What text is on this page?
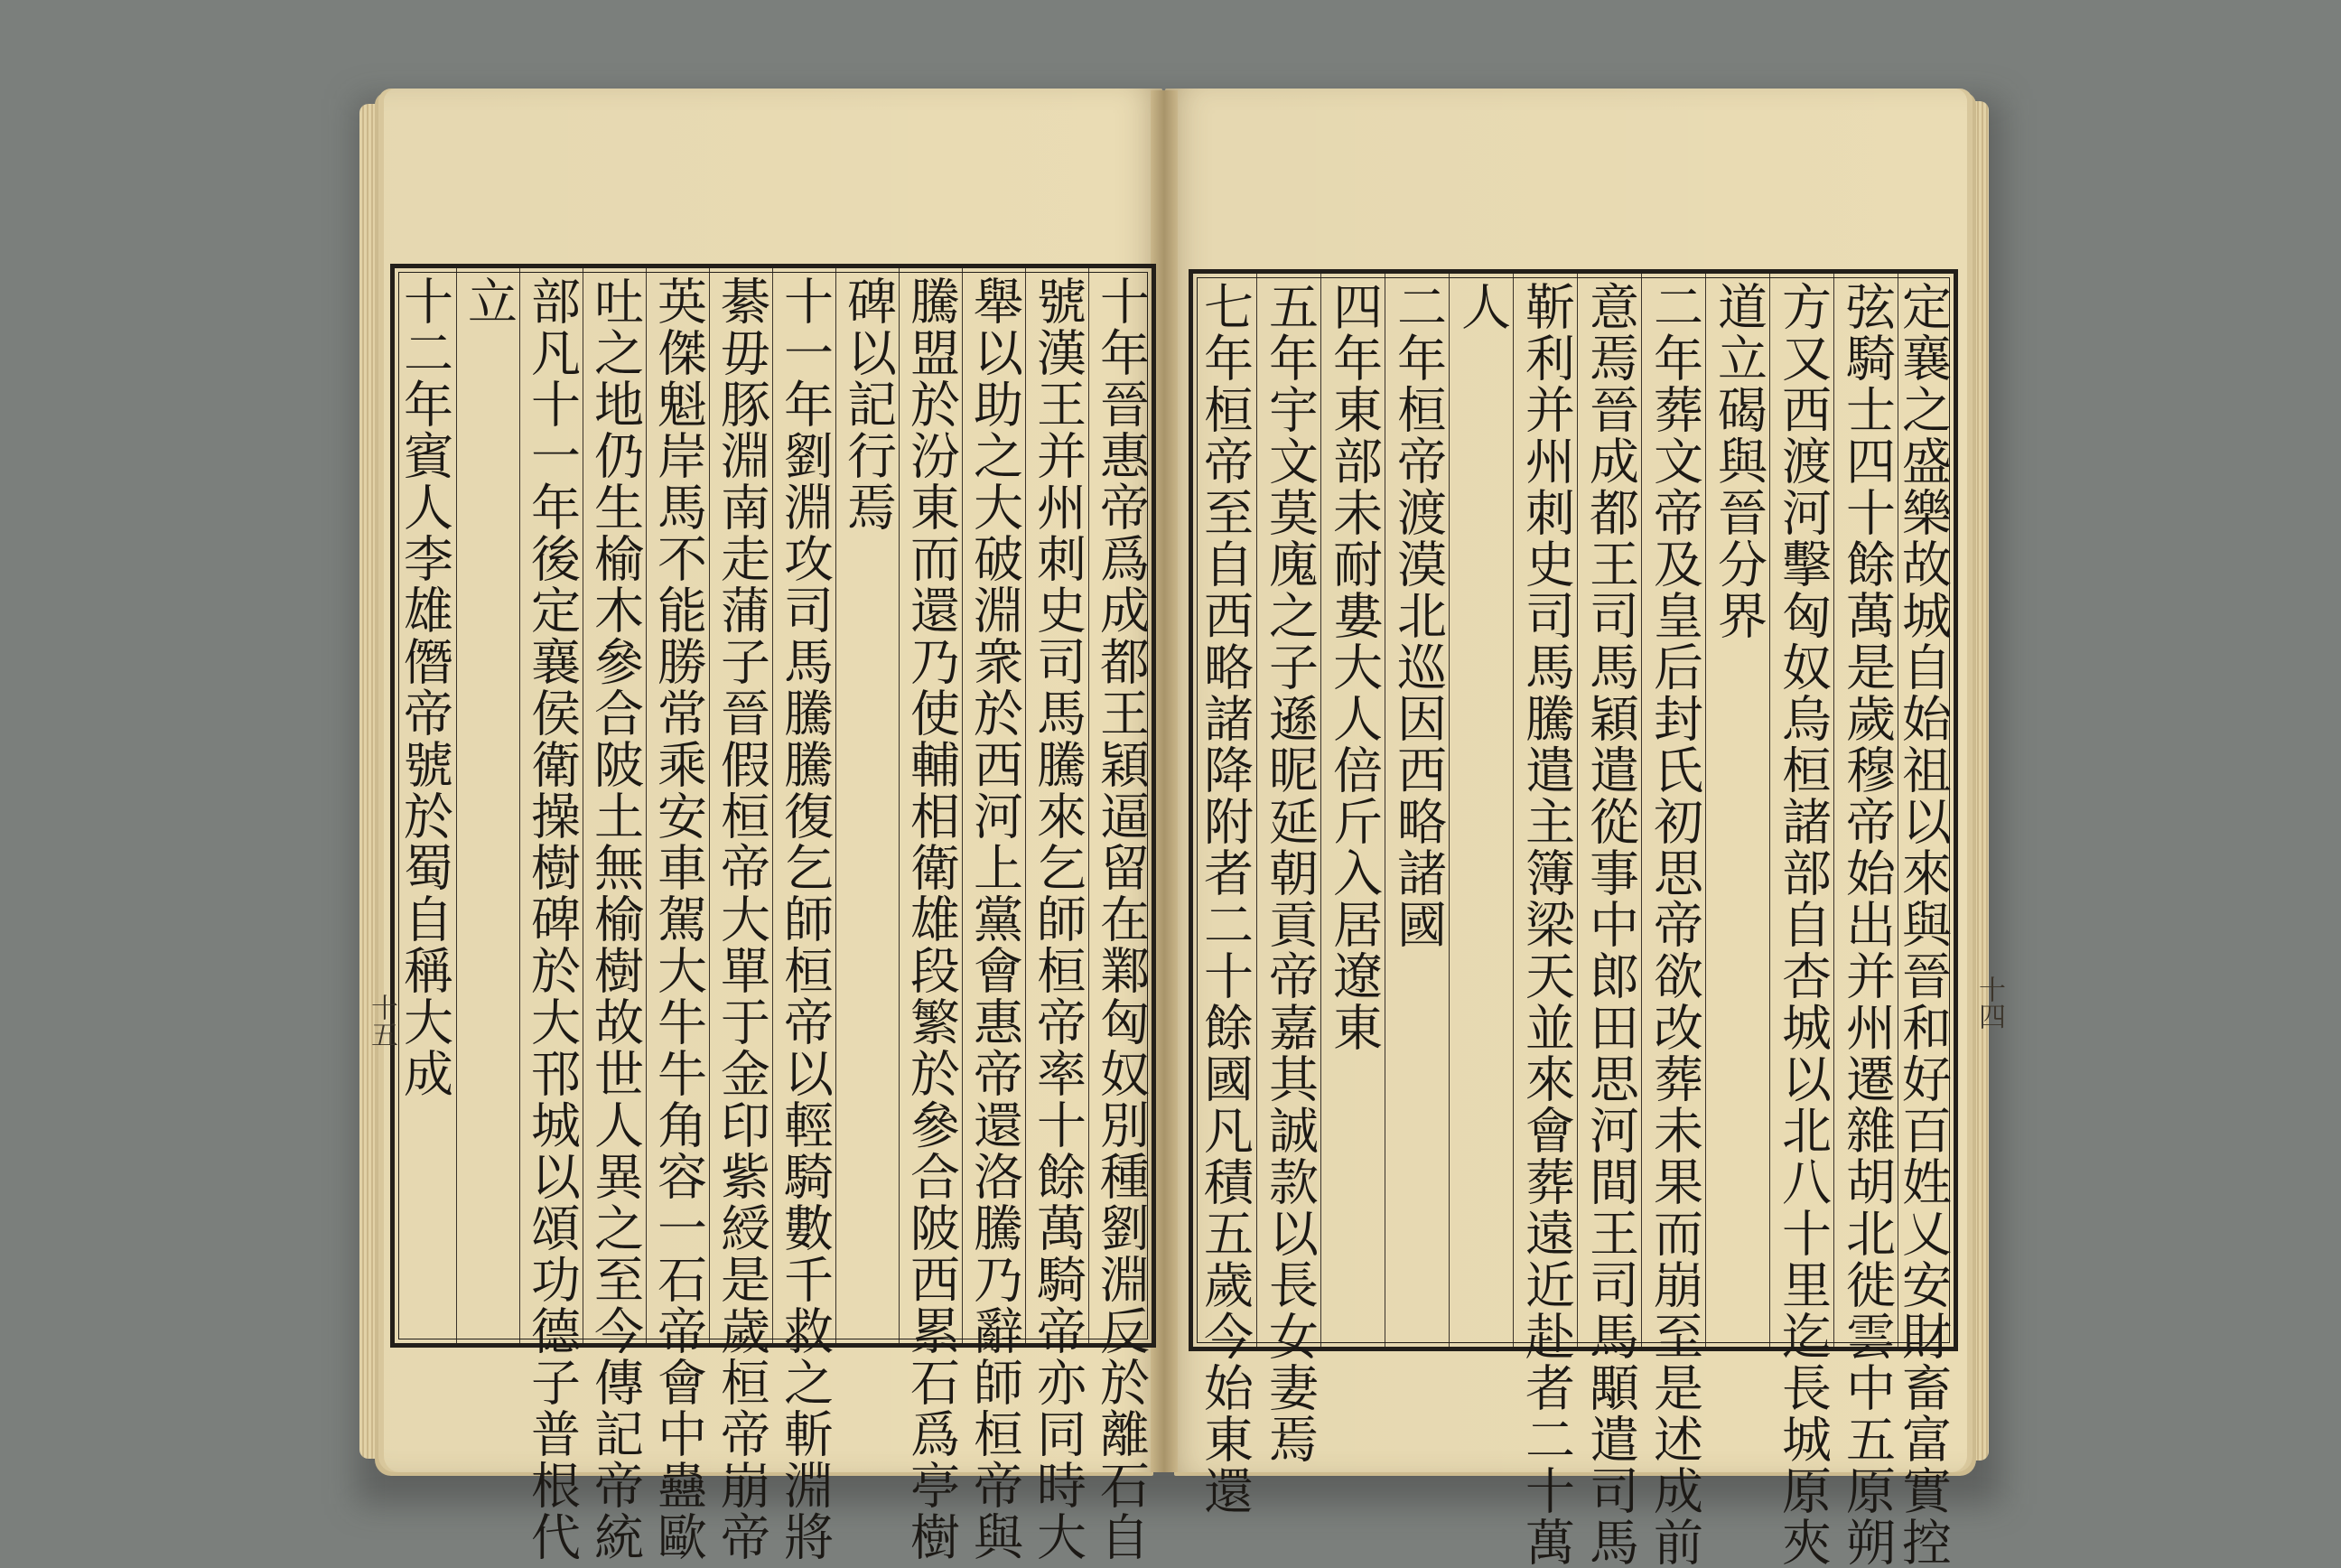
定襄之盛樂故城自始祖以來與晉和好百姓乂安財畜富實控
弦騎士四十餘萬是歲穆帝始出并州遷雜胡北徙雲中五原朔
方又西渡河擊匈奴烏桓諸部自杏城以北八十里迄長城原夾
道立碣與晉分界
二年葬文帝及皇后封氏初思帝欲改葬未果而崩至是述成前
意焉晉成都王司馬穎遣從事中郎田思河間王司馬顒遣司馬
靳利并州刺史司馬騰遣主簿梁天並來會葬遠近赴者二十萬
人
二年桓帝渡漠北巡因西略諸國
四年東部未耐婁大人倍斤入居遼東
五年宇文莫廆之子遜昵延朝貢帝嘉其誠款以長女妻焉
七年桓帝至自西略諸降附者二十餘國凡積五歲今始東還
十年晉惠帝爲成都王穎逼留在鄴匈奴別種劉淵反於離石自
號漢王并州刺史司馬騰來乞師桓帝率十餘萬騎帝亦同時大
舉以助之大破淵衆於西河上黨會惠帝還洛騰乃辭師桓帝與
騰盟於汾東而還乃使輔相衛雄段繁於參合陂西累石爲亭樹
碑以記行焉
十一年劉淵攻司馬騰騰復乞師桓帝以輕騎數千救之斬淵將
綦毋豚淵南走蒲子晉假桓帝大單于金印紫綬是歲桓帝崩帝
英傑魁岸馬不能勝常乘安車駕大牛牛角容一石帝會中蠱歐
吐之地仍生榆木參合陂土無榆樹故世人異之至今傳記帝統
部凡十一年後定襄侯衛操樹碑於大邗城以頌功德子普根代
立
十二年賓人李雄僭帝號於蜀自稱大成
十五	十四
